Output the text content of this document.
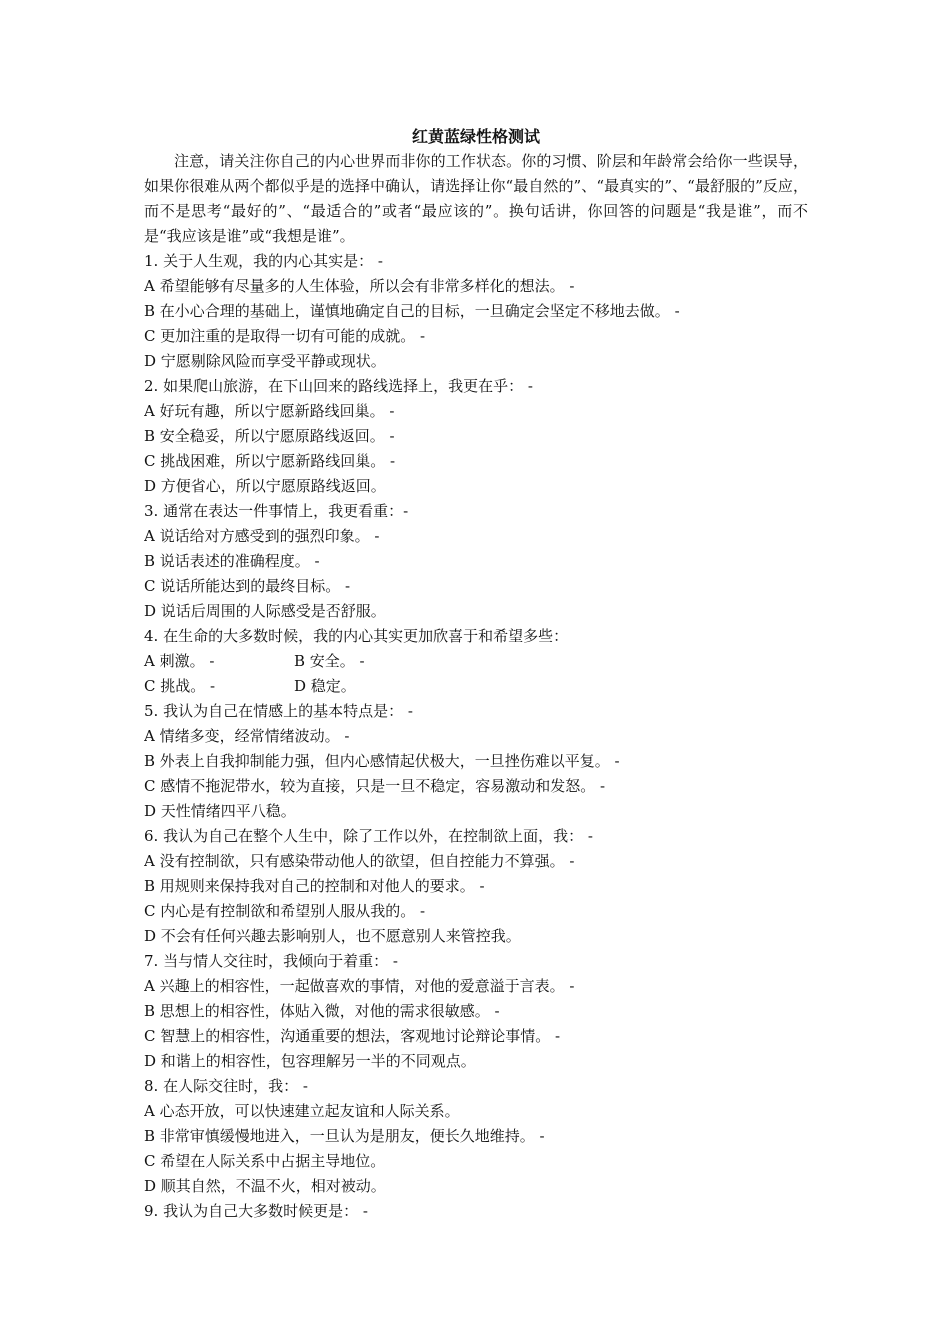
红黄蓝绿性格测试

注意，请关注你自己的内心世界而非你的工作状态。你的习惯、阶层和年龄常会给你一些误导，如果你很难从两个都似乎是的选择中确认，请选择让你“最自然的”、“最真实的”、“最舒服的”反应，而不是思考“最好的”、“最适合的”或者“最应该的”。换句话讲，你回答的问题是“我是谁”，而不是“我应该是谁”或“我想是谁”。

1. 关于人生观，我的内心其实是： -
A 希望能够有尽量多的人生体验，所以会有非常多样化的想法。 -
B 在小心合理的基础上，谨慎地确定自己的目标，一旦确定会坚定不移地去做。 -
C 更加注重的是取得一切有可能的成就。 -
D 宁愿剔除风险而享受平静或现状。
2. 如果爬山旅游，在下山回来的路线选择上，我更在乎： -
A 好玩有趣，所以宁愿新路线回巢。 -
B 安全稳妥，所以宁愿原路线返回。 -
C 挑战困难，所以宁愿新路线回巢。 -
D 方便省心，所以宁愿原路线返回。
3. 通常在表达一件事情上，我更看重：-
A 说话给对方感受到的强烈印象。 -
B 说话表述的准确程度。 -
C 说话所能达到的最终目标。 -
D 说话后周围的人际感受是否舒服。
4. 在生命的大多数时候，我的内心其实更加欣喜于和希望多些：
A 刺激。 -	B 安全。 -
C 挑战。 -	D 稳定。
5. 我认为自己在情感上的基本特点是： -
A 情绪多变，经常情绪波动。 -
B 外表上自我抑制能力强，但内心感情起伏极大，一旦挫伤难以平复。 -
C 感情不拖泥带水，较为直接，只是一旦不稳定，容易激动和发怒。 -
D 天性情绪四平八稳。
6. 我认为自己在整个人生中，除了工作以外，在控制欲上面，我： -
A 没有控制欲，只有感染带动他人的欲望，但自控能力不算强。 -
B 用规则来保持我对自己的控制和对他人的要求。 -
C 内心是有控制欲和希望别人服从我的。 -
D 不会有任何兴趣去影响别人，也不愿意别人来管控我。
7. 当与情人交往时，我倾向于着重： -
A 兴趣上的相容性，一起做喜欢的事情，对他的爱意溢于言表。 -
B 思想上的相容性，体贴入微，对他的需求很敏感。 -
C 智慧上的相容性，沟通重要的想法，客观地讨论辩论事情。 -
D 和谐上的相容性，包容理解另一半的不同观点。
8. 在人际交往时，我： -
A 心态开放，可以快速建立起友谊和人际关系。
B 非常审慎缓慢地进入，一旦认为是朋友，便长久地维持。 -
C 希望在人际关系中占据主导地位。
D 顺其自然，不温不火，相对被动。
9. 我认为自己大多数时候更是： -
